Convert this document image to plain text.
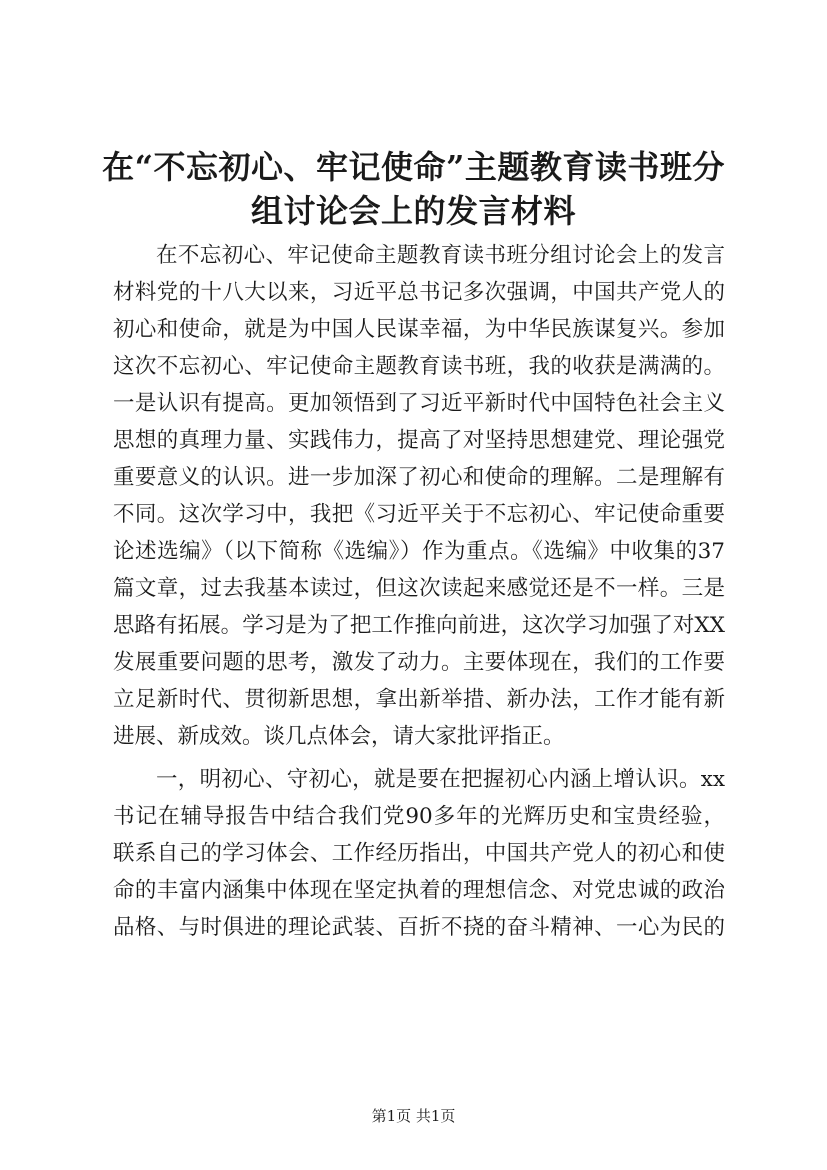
在“不忘初心、牢记使命”主题教育读书班分
组讨论会上的发言材料
在不忘初心、牢记使命主题教育读书班分组讨论会上的发言
材料党的十八大以来，习近平总书记多次强调，中国共产党人的
初心和使命，就是为中国人民谋幸福，为中华民族谋复兴。参加
这次不忘初心、牢记使命主题教育读书班，我的收获是满满的。
一是认识有提高。更加领悟到了习近平新时代中国特色社会主义
思想的真理力量、实践伟力，提高了对坚持思想建党、理论强党
重要意义的认识。进一步加深了初心和使命的理解。二是理解有
不同。这次学习中，我把《习近平关于不忘初心、牢记使命重要
论述选编》（以下简称《选编》）作为重点。《选编》中收集的37
篇文章，过去我基本读过，但这次读起来感觉还是不一样。三是
思路有拓展。学习是为了把工作推向前进，这次学习加强了对XX
发展重要问题的思考，激发了动力。主要体现在，我们的工作要
立足新时代、贯彻新思想，拿出新举措、新办法，工作才能有新
进展、新成效。谈几点体会，请大家批评指正。
一，明初心、守初心，就是要在把握初心内涵上增认识。xx
书记在辅导报告中结合我们党90多年的光辉历史和宝贵经验，
联系自己的学习体会、工作经历指出，中国共产党人的初心和使
命的丰富内涵集中体现在坚定执着的理想信念、对党忠诚的政治
品格、与时俱进的理论武装、百折不挠的奋斗精神、一心为民的
第1页 共1页
